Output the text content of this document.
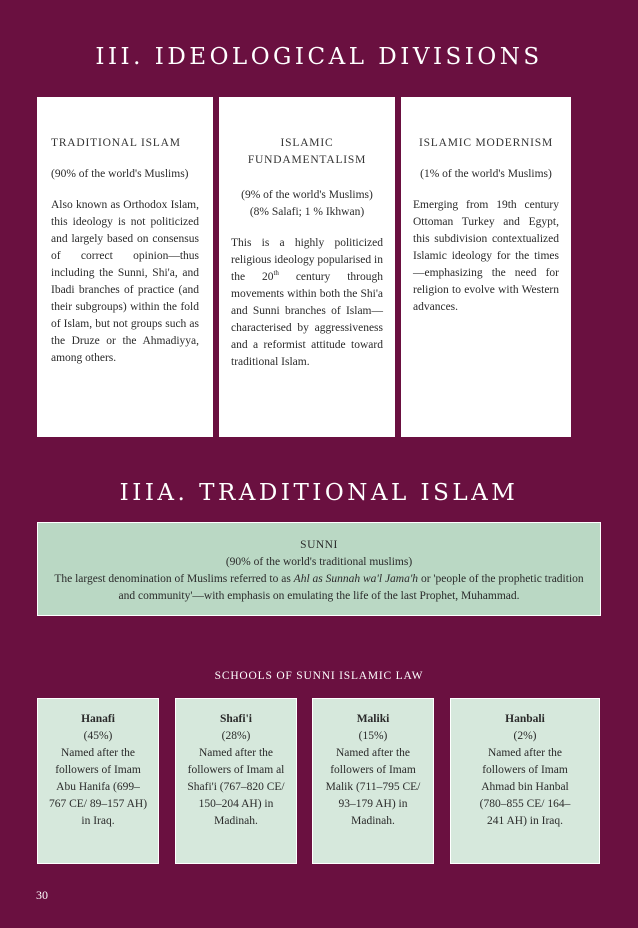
III. IDEOLOGICAL DIVISIONS
TRADITIONAL ISLAM
(90% of the world's Muslims)
Also known as Orthodox Islam, this ideology is not politicized and largely based on consensus of correct opinion—thus including the Sunni, Shi'a, and Ibadi branches of practice (and their subgroups) within the fold of Islam, but not groups such as the Druze or the Ahmadiyya, among others.
ISLAMIC FUNDAMENTALISM
(9% of the world's Muslims)
(8% Salafi; 1 % Ikhwan)
This is a highly politicized religious ideology popularised in the 20th century through movements within both the Shi'a and Sunni branches of Islam—characterised by aggressiveness and a reformist attitude toward traditional Islam.
ISLAMIC MODERNISM
(1% of the world's Muslims)
Emerging from 19th century Ottoman Turkey and Egypt, this subdivision contextualized Islamic ideology for the times—emphasizing the need for religion to evolve with Western advances.
IIIA. TRADITIONAL ISLAM
SUNNI
(90% of the world's traditional muslims)
The largest denomination of Muslims referred to as Ahl as Sunnah wa'l Jama'h or 'people of the prophetic tradition and community'—with emphasis on emulating the life of the last Prophet, Muhammad.
SCHOOLS OF SUNNI ISLAMIC LAW
Hanafi
(45%)
Named after the followers of Imam Abu Hanifa (699–767 CE/ 89–157 AH) in Iraq.
Shafi'i
(28%)
Named after the followers of Imam al Shafi'i (767–820 CE/ 150–204 AH) in Madinah.
Maliki
(15%)
Named after the followers of Imam Malik (711–795 CE/ 93–179 AH) in Madinah.
Hanbali
(2%)
Named after the followers of Imam Ahmad bin Hanbal (780–855 CE/ 164–241 AH) in Iraq.
30
